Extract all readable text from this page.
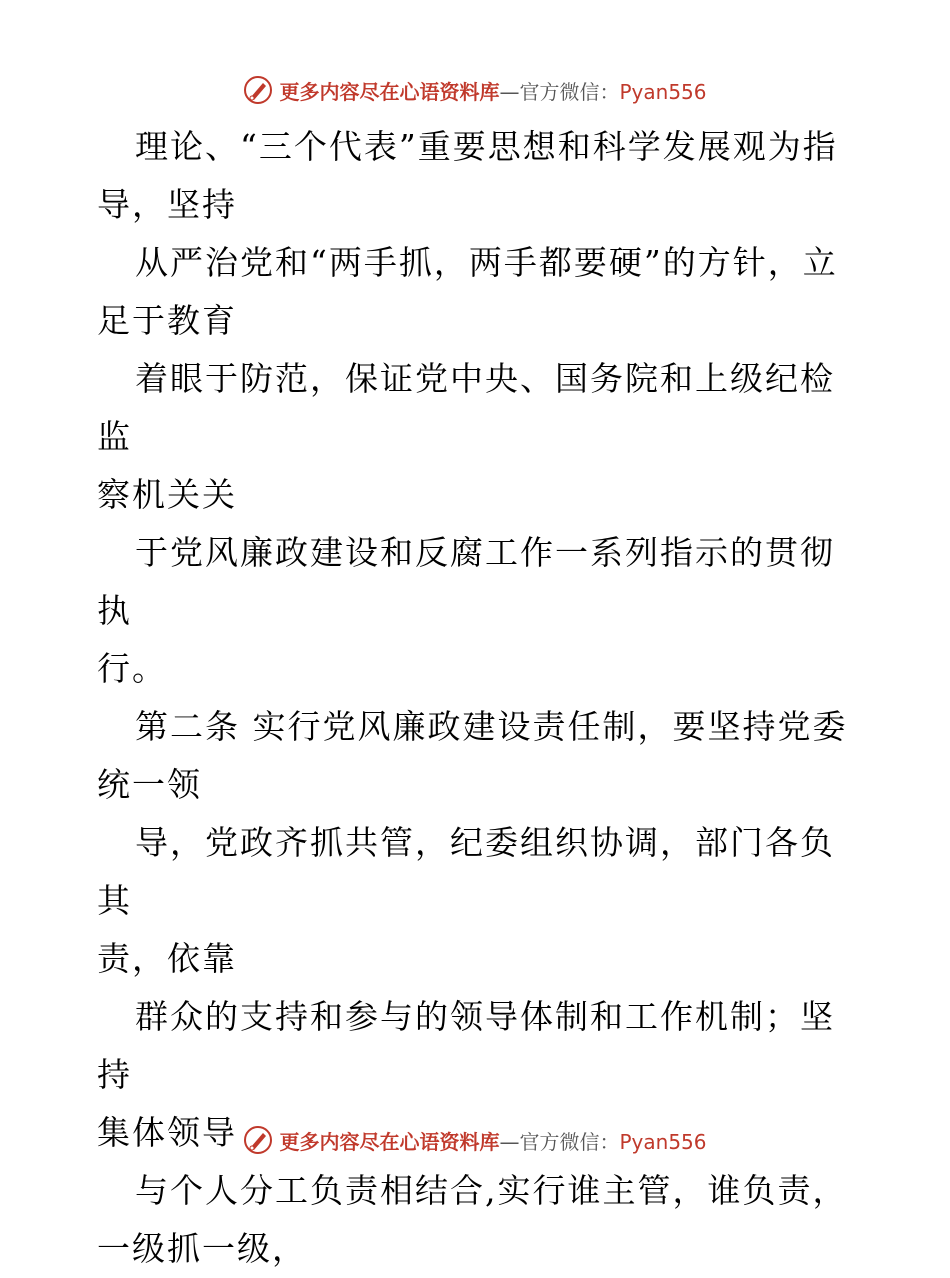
更多内容尽在心语资料库—官方微信：Pyan556

理论、“三个代表”重要思想和科学发展观为指
导，坚持

从严治党和“两手抓，两手都要硬”的方针，立
足于教育

着眼于防范，保证党中央、国务院和上级纪检监
察机关关

于党风廉政建设和反腐工作一系列指示的贯彻执
行。

第二条 实行党风廉政建设责任制，要坚持党委
统一领

导，党政齐抓共管，纪委组织协调，部门各负其
责，依靠

群众的支持和参与的领导体制和工作机制；坚持
集体领导

与个人分工负责相结合,实行谁主管，谁负责，
一级抓一级，

更多内容尽在心语资料库—官方微信：Pyan556
